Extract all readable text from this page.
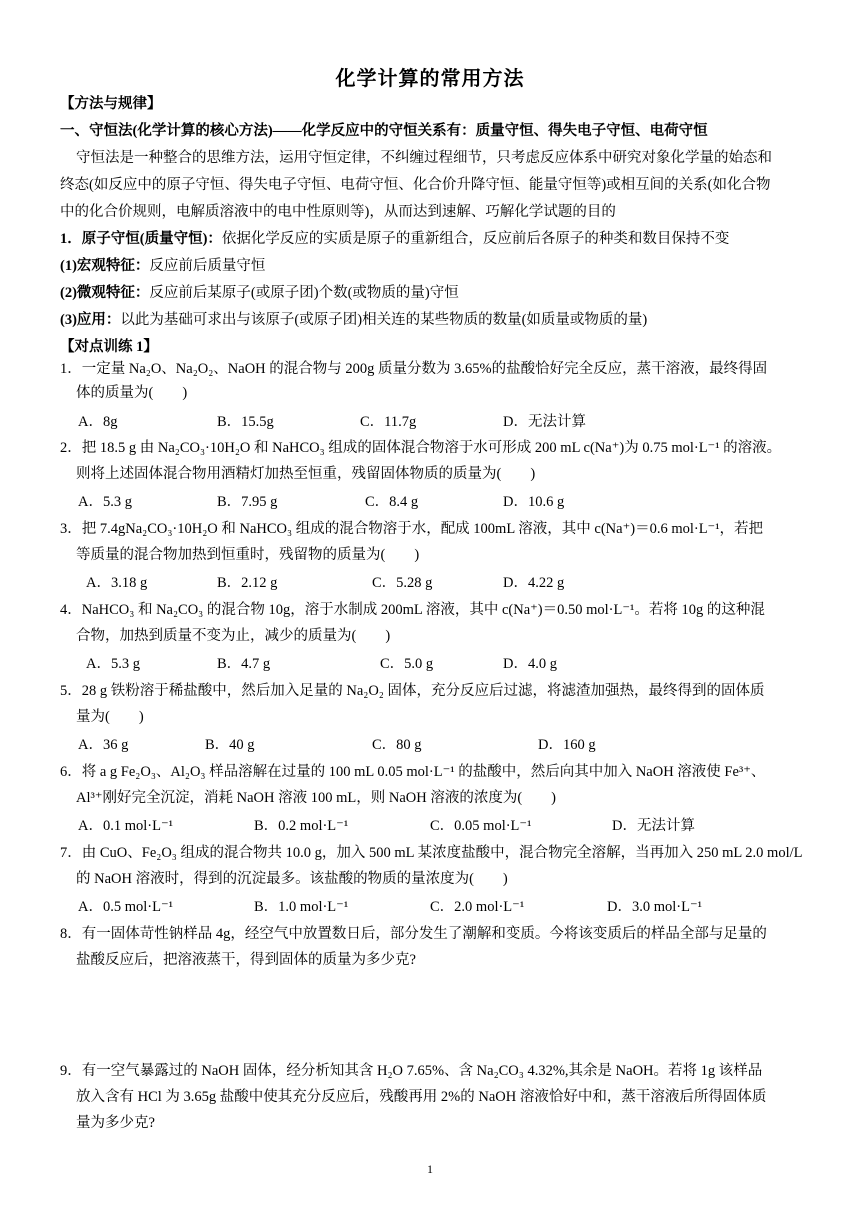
化学计算的常用方法
【方法与规律】
一、守恒法(化学计算的核心方法)——化学反应中的守恒关系有：质量守恒、得失电子守恒、电荷守恒
守恒法是一种整合的思维方法，运用守恒定律，不纠缠过程细节，只考虑反应体系中研究对象化学量的始态和
终态(如反应中的原子守恒、得失电子守恒、电荷守恒、化合价升降守恒、能量守恒等)或相互间的关系(如化合物
中的化合价规则，电解质溶液中的电中性原则等)，从而达到速解、巧解化学试题的目的
1．原子守恒(质量守恒)：依据化学反应的实质是原子的重新组合，反应前后各原子的种类和数目保持不变
(1)宏观特征：反应前后质量守恒
(2)微观特征：反应前后某原子(或原子团)个数(或物质的量)守恒
(3)应用：以此为基础可求出与该原子(或原子团)相关连的某些物质的数量(如质量或物质的量)
【对点训练 1】
1．一定量 Na₂O、Na₂O₂、NaOH 的混合物与 200g 质量分数为 3.65%的盐酸恰好完全反应，蒸干溶液，最终得固
体的质量为(　　)
A．8g	B．15.5g	C．11.7g	D．无法计算
2．把 18.5 g 由 Na₂CO₃·10H₂O 和 NaHCO₃ 组成的固体混合物溶于水可形成 200 mL c(Na⁺)为 0.75 mol·L⁻¹ 的溶液。
则将上述固体混合物用酒精灯加热至恒重，残留固体物质的质量为(　　)
A．5.3 g	B．7.95 g	C．8.4 g	D．10.6 g
3．把 7.4gNa₂CO₃·10H₂O 和 NaHCO₃ 组成的混合物溶于水，配成 100mL 溶液，其中 c(Na⁺)＝0.6 mol·L⁻¹，若把
等质量的混合物加热到恒重时，残留物的质量为(　　)
A．3.18 g	B．2.12 g	C．5.28 g	D．4.22 g
4．NaHCO₃ 和 Na₂CO₃ 的混合物 10g，溶于水制成 200mL 溶液，其中 c(Na⁺)＝0.50 mol·L⁻¹。若将 10g 的这种混
合物，加热到质量不变为止，减少的质量为(　　)
A．5.3 g	B．4.7 g	C．5.0 g	D．4.0 g
5．28 g 铁粉溶于稀盐酸中，然后加入足量的 Na₂O₂ 固体，充分反应后过滤，将滤渣加强热，最终得到的固体质
量为(　　)
A．36 g	B．40 g	C．80 g	D．160 g
6．将 a g Fe₂O₃、Al₂O₃ 样品溶解在过量的 100 mL 0.05 mol·L⁻¹ 的盐酸中，然后向其中加入 NaOH 溶液使 Fe³⁺、
Al³⁺刚好完全沉淀，消耗 NaOH 溶液 100 mL，则 NaOH 溶液的浓度为(　　)
A．0.1 mol·L⁻¹	B．0.2 mol·L⁻¹	C．0.05 mol·L⁻¹	D．无法计算
7．由 CuO、Fe₂O₃ 组成的混合物共 10.0 g，加入 500 mL 某浓度盐酸中，混合物完全溶解，当再加入 250 mL 2.0 mol/L
的 NaOH 溶液时，得到的沉淀最多。该盐酸的物质的量浓度为(　　)
A．0.5 mol·L⁻¹	B．1.0 mol·L⁻¹	C．2.0 mol·L⁻¹	D．3.0 mol·L⁻¹
8．有一固体苛性钠样品 4g，经空气中放置数日后，部分发生了潮解和变质。今将该变质后的样品全部与足量的
盐酸反应后，把溶液蒸干，得到固体的质量为多少克?
9．有一空气暴露过的 NaOH 固体，经分析知其含 H₂O 7.65%、含 Na₂CO₃ 4.32%,其余是 NaOH。若将 1g 该样品
放入含有 HCl 为 3.65g 盐酸中使其充分反应后，残酸再用 2%的 NaOH 溶液恰好中和，蒸干溶液后所得固体质
量为多少克?
1
